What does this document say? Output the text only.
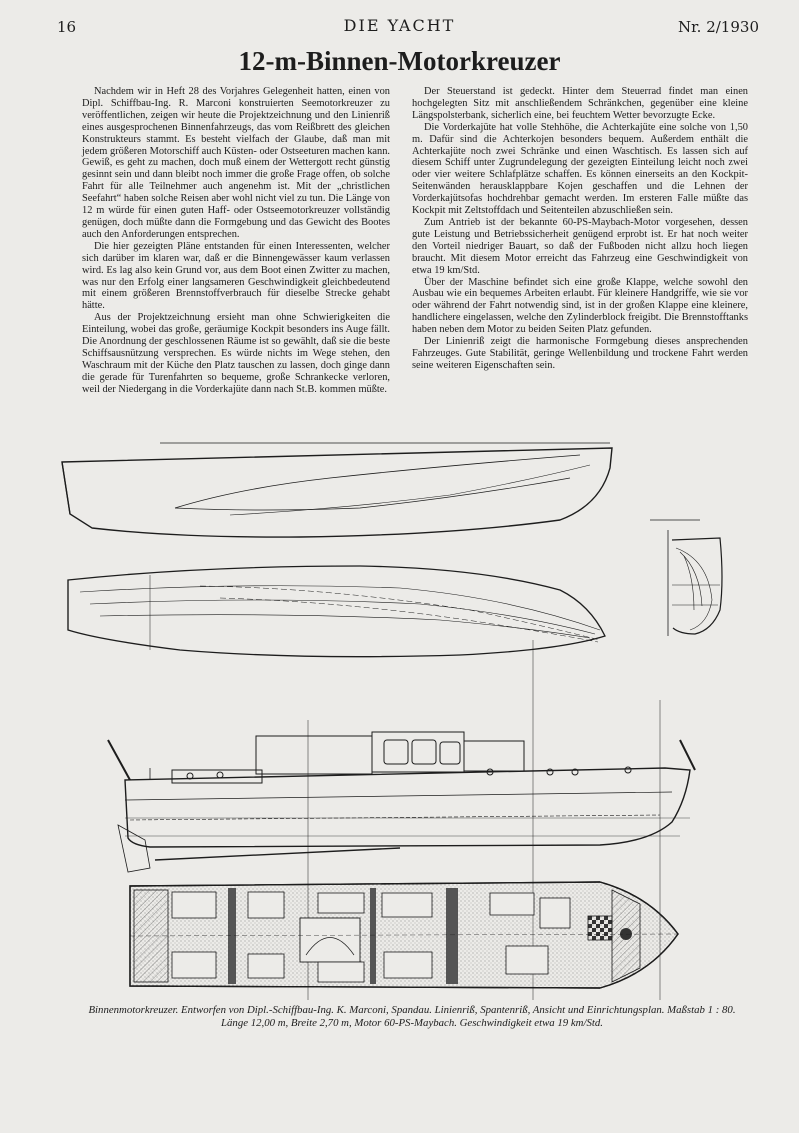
16	DIE YACHT	Nr. 2/1930
12-m-Binnen-Motorkreuzer

Nachdem wir in Heft 28 des Vorjahres Gelegenheit hatten, einen von Dipl. Schiffbau-Ing. R. Marconi konstruierten Seemotorkreuzer zu veröffentlichen, zeigen wir heute die Projektzeichnung und den Linienriß eines ausgesprochenen Binnenfahrzeugs, das vom Reißbrett des gleichen Konstrukteurs stammt. Es besteht vielfach der Glaube, daß man mit jedem größeren Motorschiff auch Küsten- oder Ostseeturen machen kann. Gewiß, es geht zu machen, doch muß einem der Wettergott recht günstig gesinnt sein und dann bleibt noch immer die große Frage offen, ob solche Fahrt für alle Teilnehmer auch angenehm ist. Mit der „christlichen Seefahrt“ haben solche Reisen aber wohl nicht viel zu tun. Die Länge von 12 m würde für einen guten Haff- oder Ostseemotorkreuzer vollständig genügen, doch müßte dann die Formgebung und das Gewicht des Bootes auch den Anforderungen entsprechen.

Die hier gezeigten Pläne entstanden für einen Interessenten, welcher sich darüber im klaren war, daß er die Binnengewässer kaum verlassen wird. Es lag also kein Grund vor, aus dem Boot einen Zwitter zu machen, was nur den Erfolg einer langsameren Geschwindigkeit gleichbedeutend mit einem größeren Brennstoffverbrauch für dieselbe Strecke gehabt hätte.

Aus der Projektzeichnung ersieht man ohne Schwierigkeiten die Einteilung, wobei das große, geräumige Kockpit besonders ins Auge fällt. Die Anordnung der geschlossenen Räume ist so gewählt, daß sie die beste Schiffsausnützung versprechen. Es würde nichts im Wege stehen, den Waschraum mit der Küche den Platz tauschen zu lassen, doch ginge dann die gerade für Turenfahrten so bequeme, große Schrankecke verloren, weil der Niedergang in die Vorderkajüte dann nach St.B. kommen müßte.

Der Steuerstand ist gedeckt. Hinter dem Steuerrad findet man einen hochgelegten Sitz mit anschließendem Schränkchen, gegenüber eine kleine Längspolsterbank, sicherlich eine, bei feuchtem Wetter bevorzugte Ecke.

Die Vorderkajüte hat volle Stehhöhe, die Achterkajüte eine solche von 1,50 m. Dafür sind die Achterkojen besonders bequem. Außerdem enthält die Achterkajüte noch zwei Schränke und einen Waschtisch. Es lassen sich auf diesem Schiff unter Zugrundelegung der gezeigten Einteilung leicht noch zwei oder vier weitere Schlafplätze schaffen. Es können einerseits an den Kockpit-Seitenwänden herausklappbare Kojen geschaffen und die Lehnen der Vorderkajütsofas hochdrehbar gemacht werden. Im ersteren Falle müßte das Kockpit mit Zeltstoffdach und Seitenteilen abzuschließen sein.

Zum Antrieb ist der bekannte 60-PS-Maybach-Motor vorgesehen, dessen gute Leistung und Betriebssicherheit genügend erprobt ist. Er hat noch weiter den Vorteil niedriger Bauart, so daß der Fußboden nicht allzu hoch liegen braucht. Mit diesem Motor erreicht das Fahrzeug eine Geschwindigkeit von etwa 19 km/Std.

Über der Maschine befindet sich eine große Klappe, welche sowohl den Ausbau wie ein bequemes Arbeiten erlaubt. Für kleinere Handgriffe, wie sie vor oder während der Fahrt notwendig sind, ist in der großen Klappe eine kleinere, handlichere eingelassen, welche den Zylinderblock freigibt. Die Brennstofftanks haben neben dem Motor zu beiden Seiten Platz gefunden.

Der Linienriß zeigt die harmonische Formgebung dieses ansprechenden Fahrzeuges. Gute Stabilität, geringe Wellenbildung und trockene Fahrt werden seine weiteren Eigenschaften sein.

Binnenmotorkreuzer. Entworfen von Dipl.-Schiffbau-Ing. K. Marconi, Spandau. Linienriß, Spantenriß, Ansicht und Einrichtungsplan. Maßstab 1 : 80. Länge 12,00 m, Breite 2,70 m, Motor 60-PS-Maybach. Geschwindigkeit etwa 19 km/Std.
